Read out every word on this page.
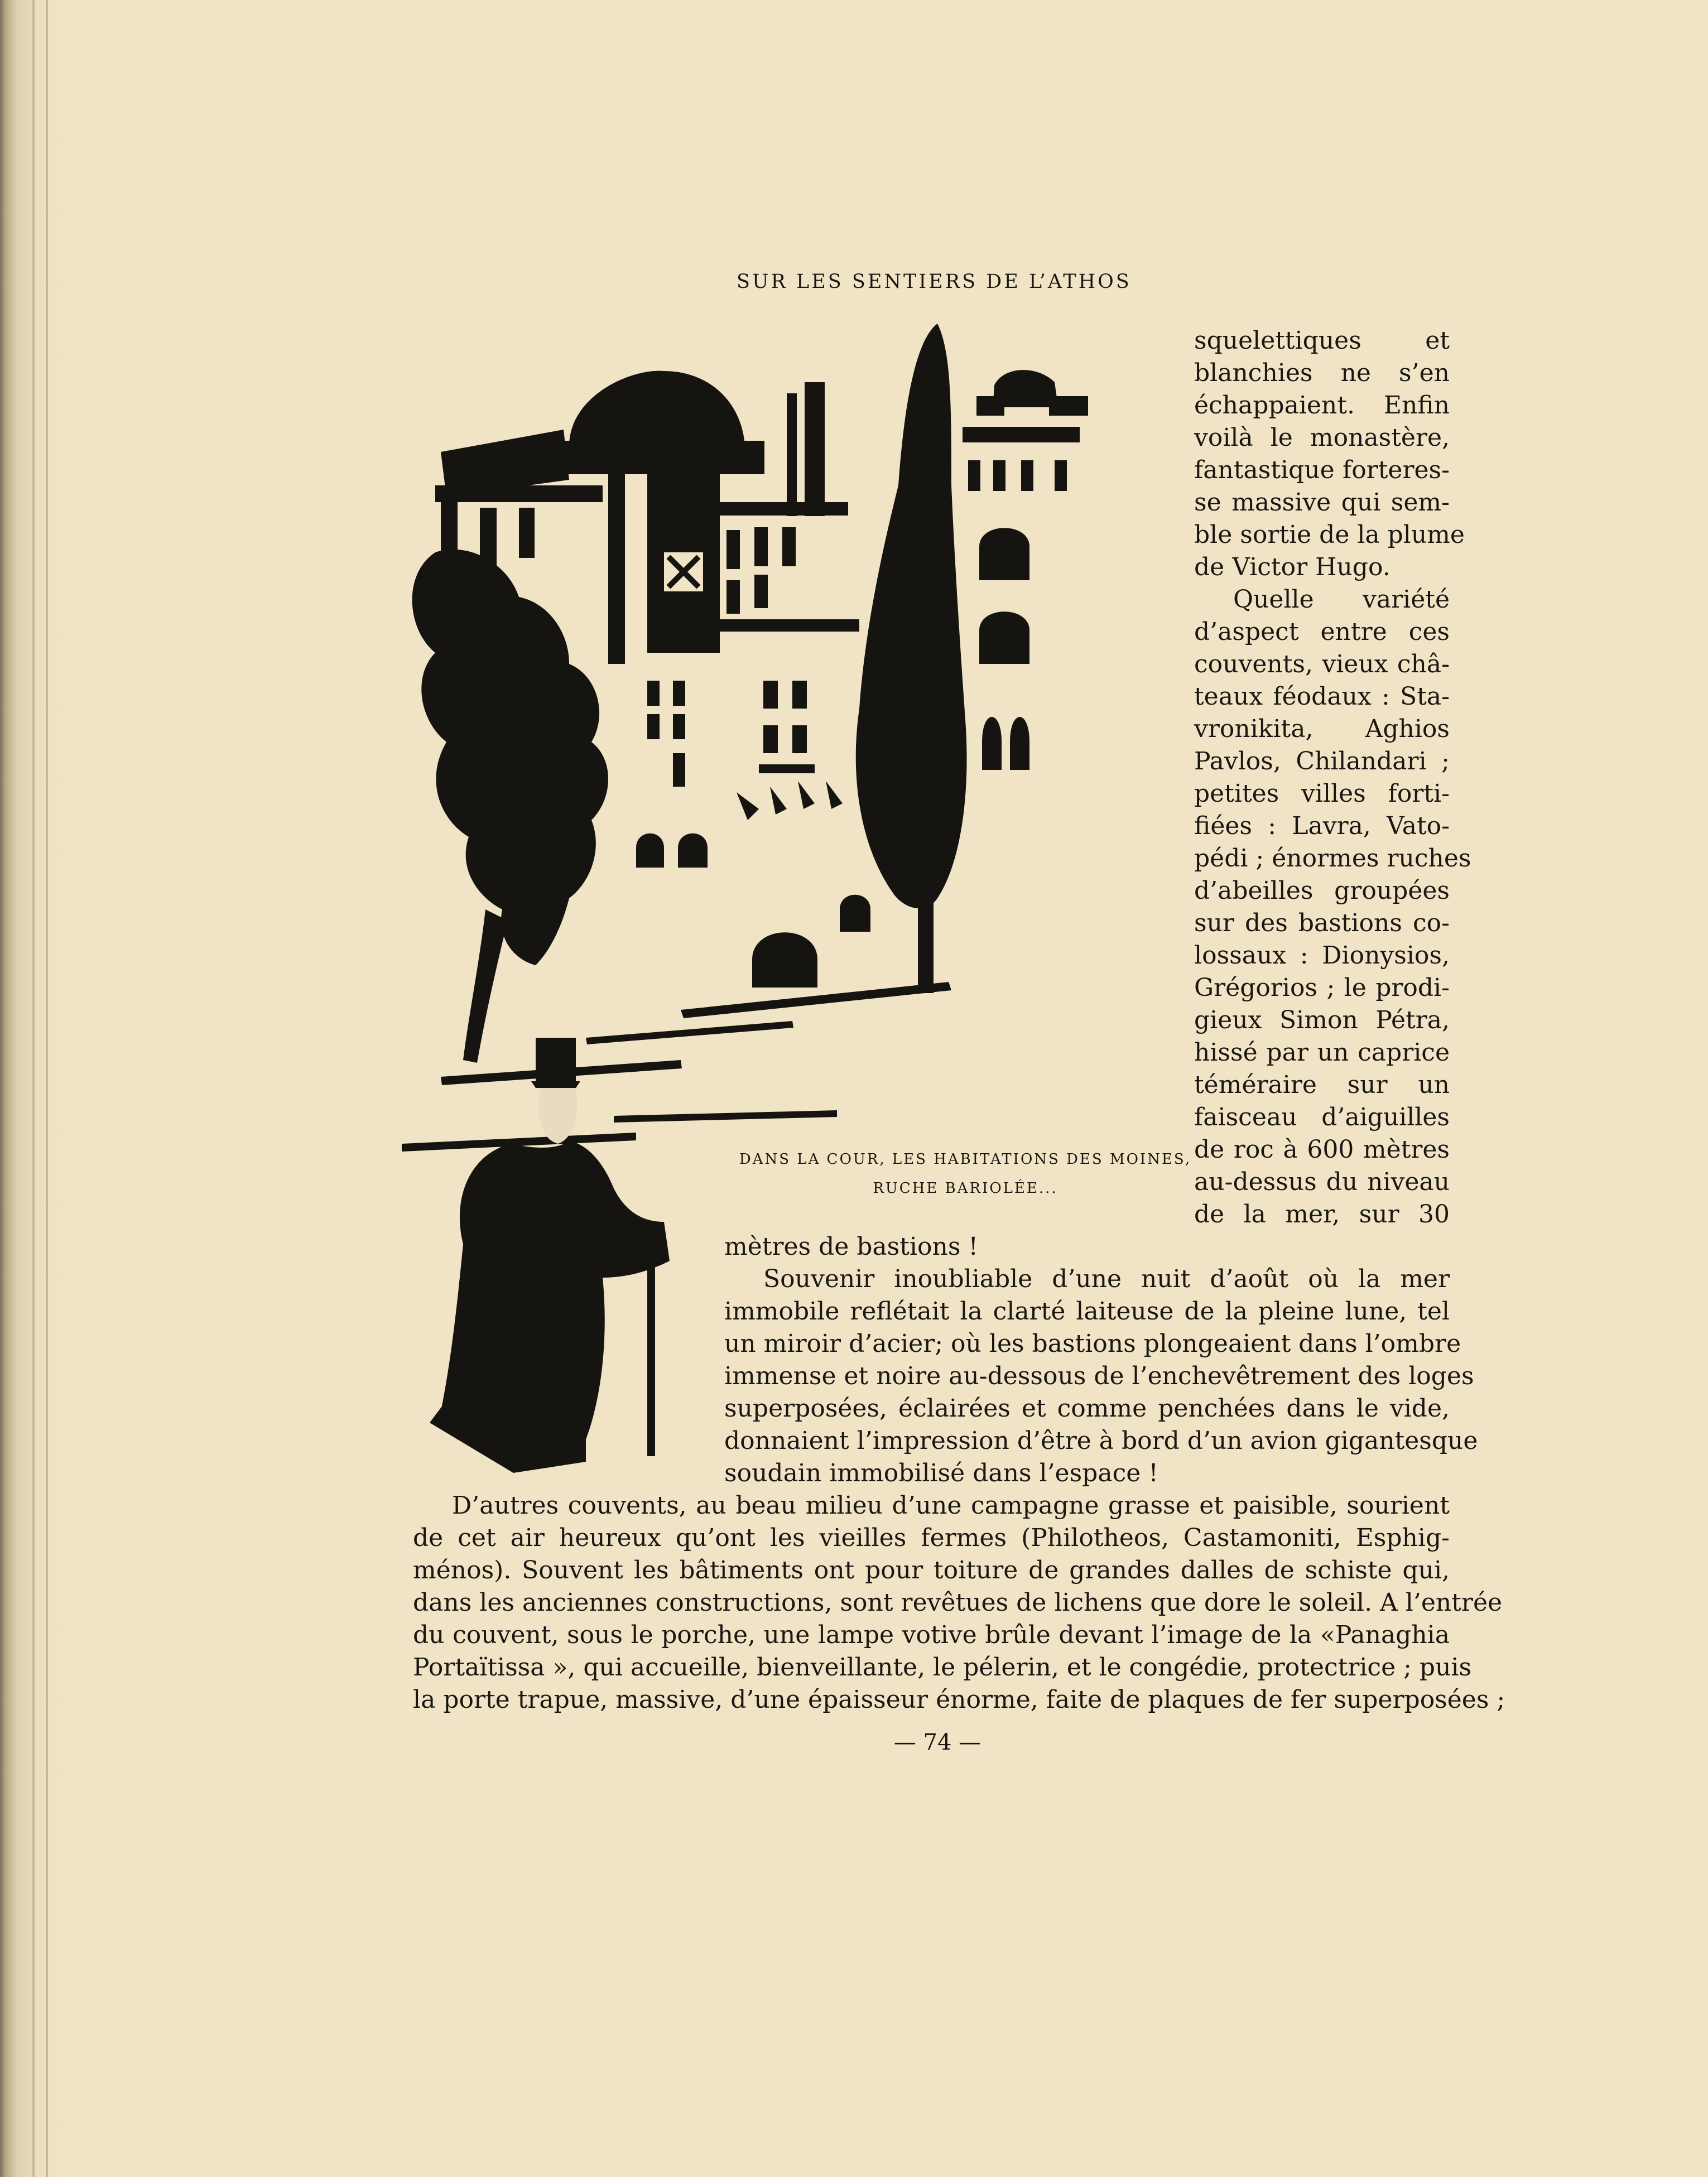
SUR LES SENTIERS DE L’ATHOS
DANS LA COUR, LES HABITATIONS DES MOINES,
RUCHE BARIOLÉE...
squelettiques et
blanchies ne s’en
échappaient. Enfin
voilà le monastère,
fantastique forteres-
se massive qui sem-
ble sortie de la plume
de Victor Hugo.
Quelle variété
d’aspect entre ces
couvents, vieux châ-
teaux féodaux : Sta-
vronikita, Aghios
Pavlos, Chilandari ;
petites villes forti-
fiées : Lavra, Vato-
pédi ; énormes ruches
d’abeilles groupées
sur des bastions co-
lossaux : Dionysios,
Grégorios ; le prodi-
gieux Simon Pétra,
hissé par un caprice
téméraire sur un
faisceau d’aiguilles
de roc à 600 mètres
au-dessus du niveau
de la mer, sur 30
mètres de bastions !
Souvenir inoubliable d’une nuit d’août où la mer
immobile reflétait la clarté laiteuse de la pleine lune, tel
un miroir d’acier; où les bastions plongeaient dans l’ombre
immense et noire au-dessous de l’enchevêtrement des loges
superposées, éclairées et comme penchées dans le vide,
donnaient l’impression d’être à bord d’un avion gigantesque
soudain immobilisé dans l’espace !
D’autres couvents, au beau milieu d’une campagne grasse et paisible, sourient
de cet air heureux qu’ont les vieilles fermes (Philotheos, Castamoniti, Esphig-
ménos). Souvent les bâtiments ont pour toiture de grandes dalles de schiste qui,
dans les anciennes constructions, sont revêtues de lichens que dore le soleil. A l’entrée
du couvent, sous le porche, une lampe votive brûle devant l’image de la «Panaghia
Portaïtissa », qui accueille, bienveillante, le pélerin, et le congédie, protectrice ; puis
la porte trapue, massive, d’une épaisseur énorme, faite de plaques de fer superposées ;
— 74 —
